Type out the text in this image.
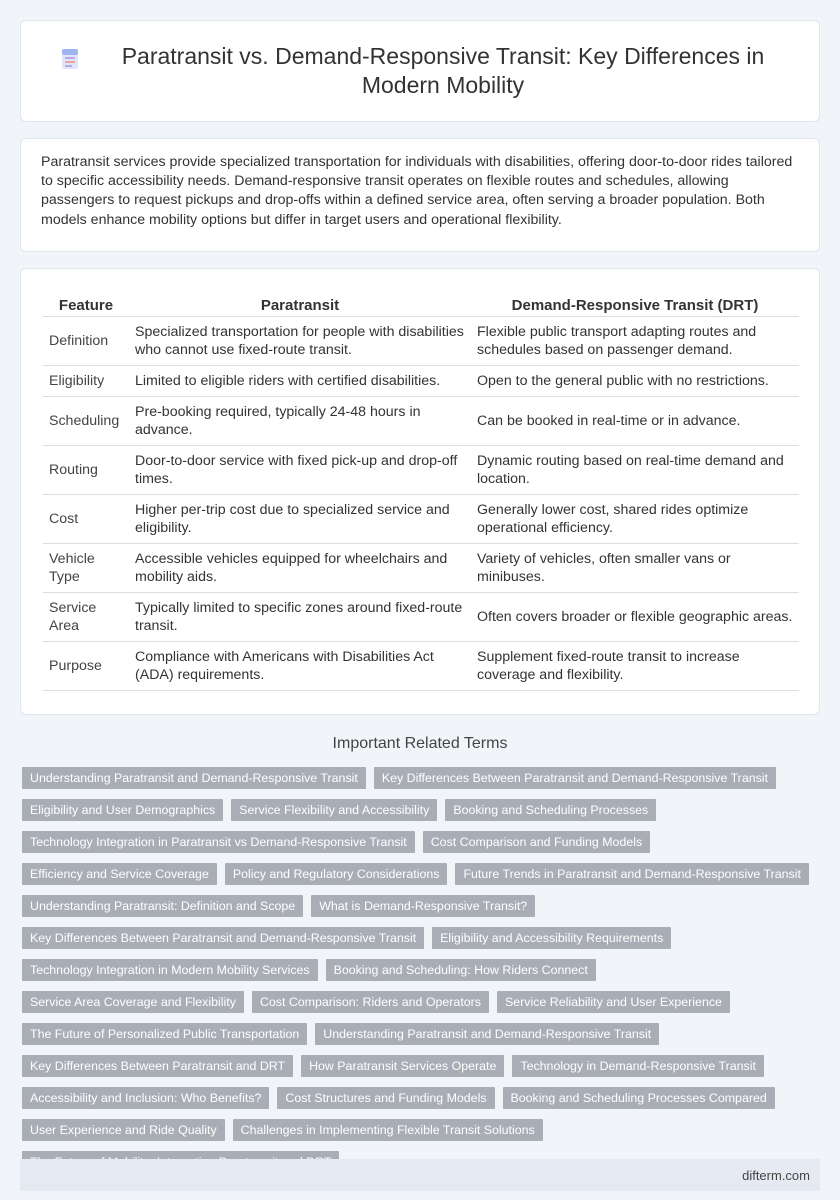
Paratransit vs. Demand-Responsive Transit: Key Differences in Modern Mobility

Paratransit services provide specialized transportation for individuals with disabilities, offering door-to-door rides tailored to specific accessibility needs. Demand-responsive transit operates on flexible routes and schedules, allowing passengers to request pickups and drop-offs within a defined service area, often serving a broader population. Both models enhance mobility options but differ in target users and operational flexibility.

Feature	Paratransit	Demand-Responsive Transit (DRT)
Definition	Specialized transportation for people with disabilities who cannot use fixed-route transit.	Flexible public transport adapting routes and schedules based on passenger demand.
Eligibility	Limited to eligible riders with certified disabilities.	Open to the general public with no restrictions.
Scheduling	Pre-booking required, typically 24-48 hours in advance.	Can be booked in real-time or in advance.
Routing	Door-to-door service with fixed pick-up and drop-off times.	Dynamic routing based on real-time demand and location.
Cost	Higher per-trip cost due to specialized service and eligibility.	Generally lower cost, shared rides optimize operational efficiency.
Vehicle Type	Accessible vehicles equipped for wheelchairs and mobility aids.	Variety of vehicles, often smaller vans or minibuses.
Service Area	Typically limited to specific zones around fixed-route transit.	Often covers broader or flexible geographic areas.
Purpose	Compliance with Americans with Disabilities Act (ADA) requirements.	Supplement fixed-route transit to increase coverage and flexibility.
Important Related Terms
Understanding Paratransit and Demand-Responsive Transit	Key Differences Between Paratransit and Demand-Responsive Transit
Eligibility and User Demographics	Service Flexibility and Accessibility	Booking and Scheduling Processes
Technology Integration in Paratransit vs Demand-Responsive Transit	Cost Comparison and Funding Models
Efficiency and Service Coverage	Policy and Regulatory Considerations	Future Trends in Paratransit and Demand-Responsive Transit
Understanding Paratransit: Definition and Scope	What is Demand-Responsive Transit?
Key Differences Between Paratransit and Demand-Responsive Transit	Eligibility and Accessibility Requirements
Technology Integration in Modern Mobility Services	Booking and Scheduling: How Riders Connect
Service Area Coverage and Flexibility	Cost Comparison: Riders and Operators	Service Reliability and User Experience
The Future of Personalized Public Transportation	Understanding Paratransit and Demand-Responsive Transit
Key Differences Between Paratransit and DRT	How Paratransit Services Operate	Technology in Demand-Responsive Transit
Accessibility and Inclusion: Who Benefits?	Cost Structures and Funding Models	Booking and Scheduling Processes Compared
User Experience and Ride Quality	Challenges in Implementing Flexible Transit Solutions
difterm.com
